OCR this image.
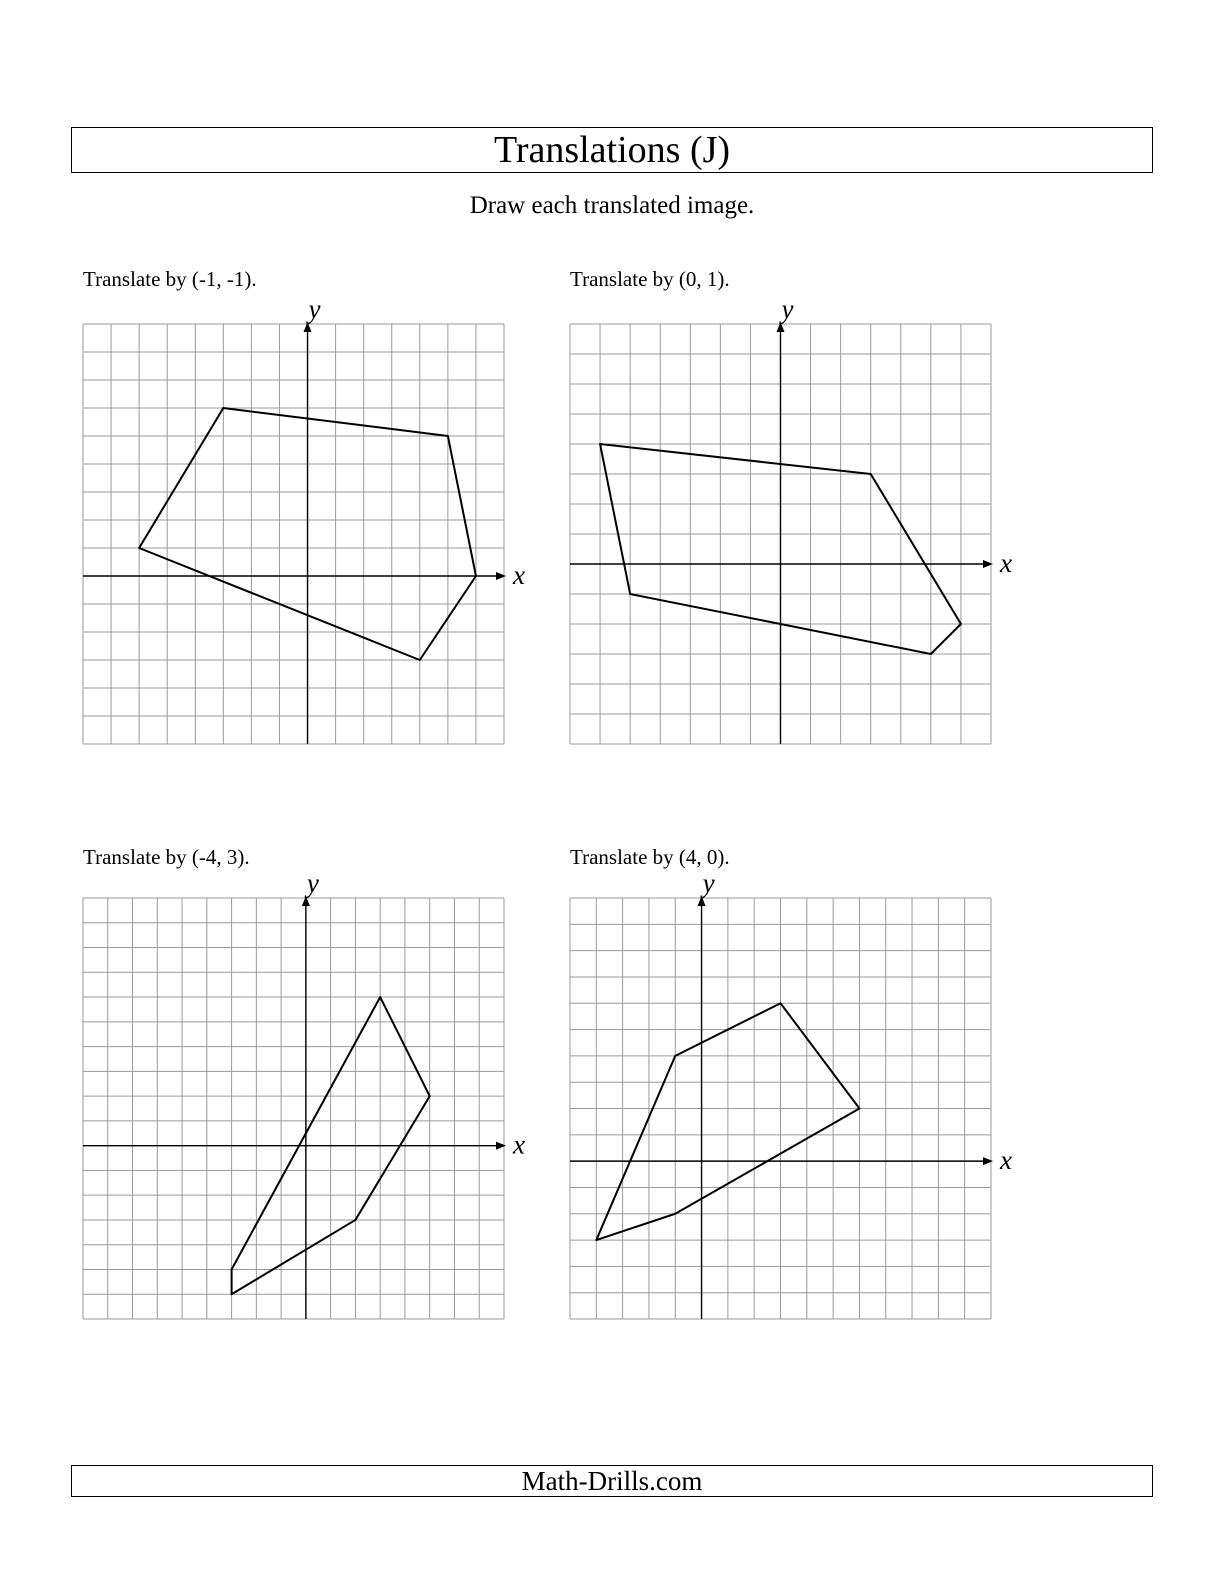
Translations (J)
Draw each translated image.
Translate by (-1, -1).
x
y
Translate by (0, 1).
x
y
Translate by (-4, 3).
x
y
Translate by (4, 0).
x
y
Math-Drills.com
